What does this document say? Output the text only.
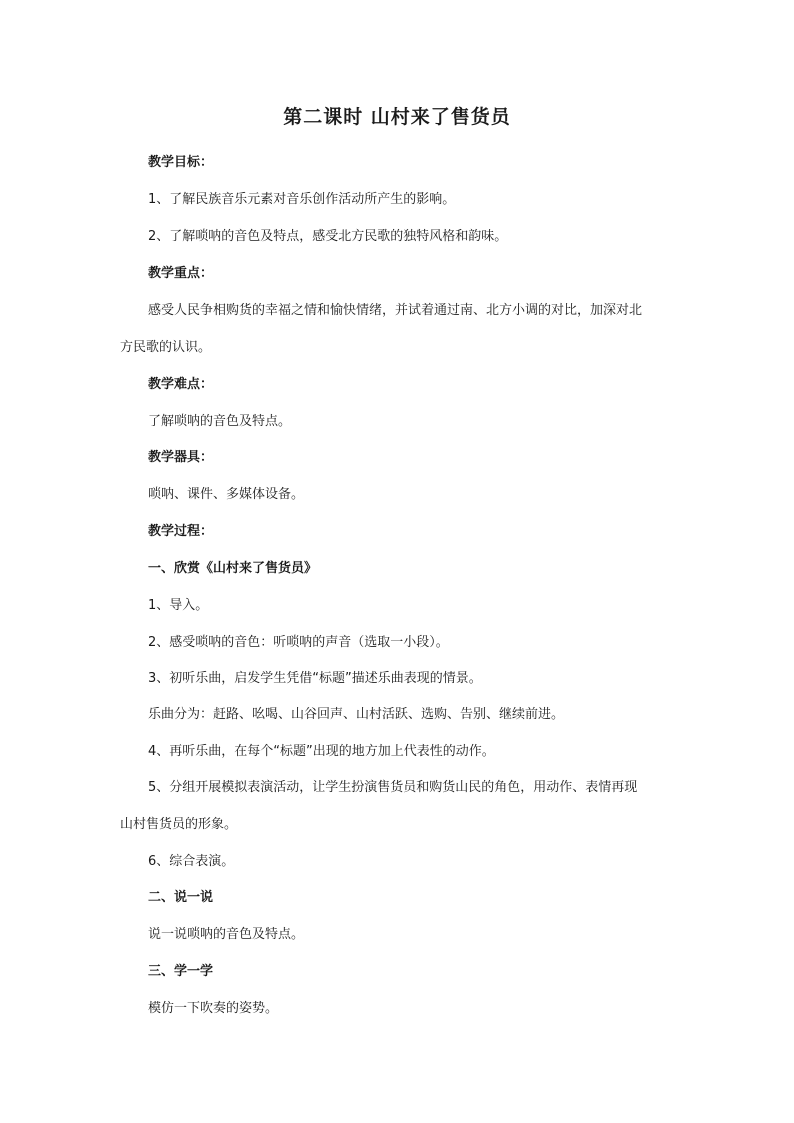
第二课时 山村来了售货员

教学目标：

1、了解民族音乐元素对音乐创作活动所产生的影响。

2、了解唢呐的音色及特点，感受北方民歌的独特风格和韵味。

教学重点：

感受人民争相购货的幸福之情和愉快情绪，并试着通过南、北方小调的对比，加深对北

方民歌的认识。

教学难点：

了解唢呐的音色及特点。

教学器具：

唢呐、课件、多媒体设备。

教学过程：

一、欣赏《山村来了售货员》

1、导入。

2、感受唢呐的音色：听唢呐的声音（选取一小段）。

3、初听乐曲，启发学生凭借“标题”描述乐曲表现的情景。

乐曲分为：赶路、吆喝、山谷回声、山村活跃、选购、告别、继续前进。

4、再听乐曲，在每个“标题”出现的地方加上代表性的动作。

5、分组开展模拟表演活动，让学生扮演售货员和购货山民的角色，用动作、表情再现

山村售货员的形象。

6、综合表演。

二、说一说

说一说唢呐的音色及特点。

三、学一学

模仿一下吹奏的姿势。
